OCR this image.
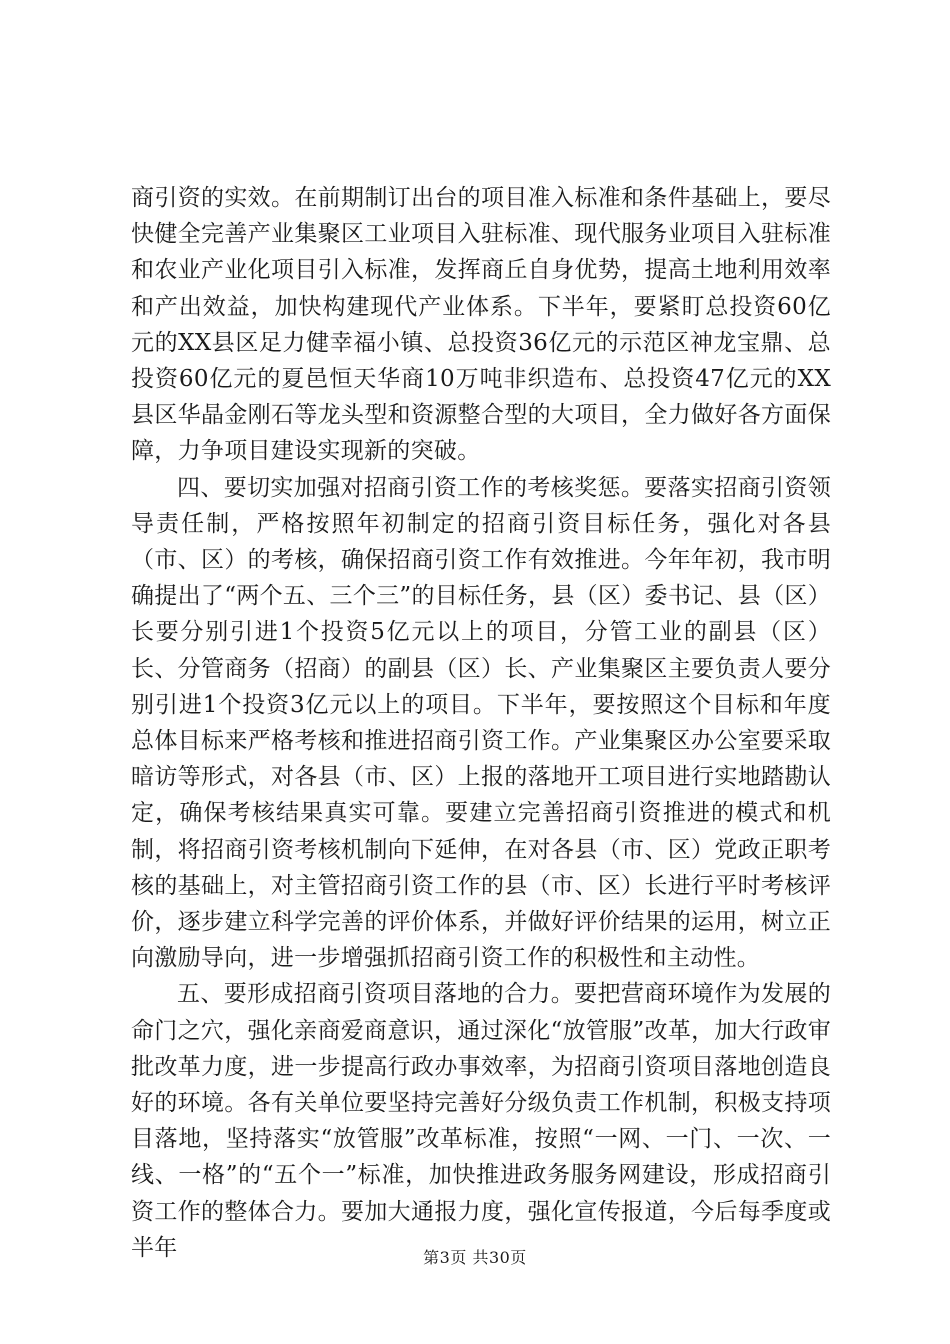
商引资的实效。在前期制订出台的项目准入标准和条件基础上，要尽快健全完善产业集聚区工业项目入驻标准、现代服务业项目入驻标准和农业产业化项目引入标准，发挥商丘自身优势，提高土地利用效率和产出效益，加快构建现代产业体系。下半年，要紧盯总投资60亿元的XX县区足力健幸福小镇、总投资36亿元的示范区神龙宝鼎、总投资60亿元的夏邑恒天华商10万吨非织造布、总投资47亿元的XX县区华晶金刚石等龙头型和资源整合型的大项目，全力做好各方面保障，力争项目建设实现新的突破。

四、要切实加强对招商引资工作的考核奖惩。要落实招商引资领导责任制，严格按照年初制定的招商引资目标任务，强化对各县（市、区）的考核，确保招商引资工作有效推进。今年年初，我市明确提出了“两个五、三个三”的目标任务，县（区）委书记、县（区）长要分别引进1个投资5亿元以上的项目，分管工业的副县（区）长、分管商务（招商）的副县（区）长、产业集聚区主要负责人要分别引进1个投资3亿元以上的项目。下半年，要按照这个目标和年度总体目标来严格考核和推进招商引资工作。产业集聚区办公室要采取暗访等形式，对各县（市、区）上报的落地开工项目进行实地踏勘认定，确保考核结果真实可靠。要建立完善招商引资推进的模式和机制，将招商引资考核机制向下延伸，在对各县（市、区）党政正职考核的基础上，对主管招商引资工作的县（市、区）长进行平时考核评价，逐步建立科学完善的评价体系，并做好评价结果的运用，树立正向激励导向，进一步增强抓招商引资工作的积极性和主动性。

五、要形成招商引资项目落地的合力。要把营商环境作为发展的命门之穴，强化亲商爱商意识，通过深化“放管服”改革，加大行政审批改革力度，进一步提高行政办事效率，为招商引资项目落地创造良好的环境。各有关单位要坚持完善好分级负责工作机制，积极支持项目落地，坚持落实“放管服”改革标准，按照“一网、一门、一次、一线、一格”的“五个一”标准，加快推进政务服务网建设，形成招商引资工作的整体合力。要加大通报力度，强化宣传报道，今后每季度或半年	第3页 共30页
